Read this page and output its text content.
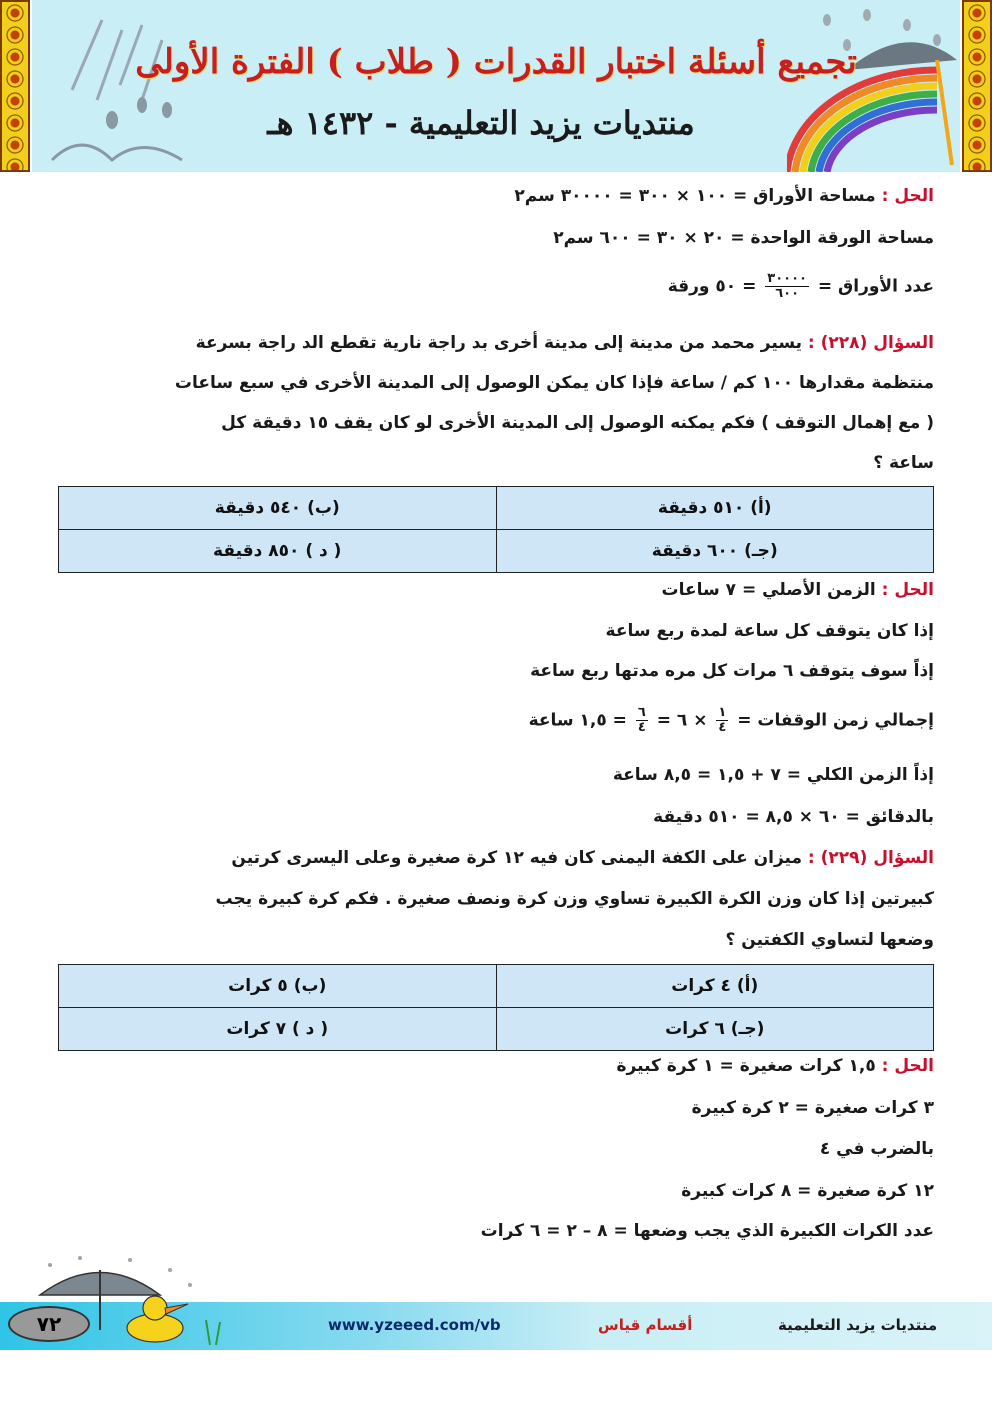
تجميع أسئلة اختبار القدرات ( طلاب ) الفترة الأولى
منتديات يزيد التعليمية - ١٤٣٢ هـ
الحل : مساحة الأوراق = ١٠٠ × ٣٠٠ = ٣٠٠٠٠ سم٢
مساحة الورقة الواحدة = ٢٠ × ٣٠ = ٦٠٠ سم٢
عدد الأوراق =
$\frac{٣٠٠٠٠}{٦٠٠}$
= ٥٠ ورقة
السؤال (٢٢٨) : يسير محمد من مدينة إلى مدينة أخرى بد راجة نارية تقطع الد راجة بسرعة
منتظمة مقدارها ١٠٠ كم / ساعة فإذا كان يمكن الوصول إلى المدينة الأخرى في سبع ساعات
( مع إهمال التوقف ) فكم يمكنه الوصول إلى المدينة الأخرى لو كان يقف ١٥ دقيقة كل
ساعة ؟
(أ) ٥١٠ دقيقة	(ب) ٥٤٠ دقيقة
(جـ) ٦٠٠ دقيقة	( د ) ٨٥٠ دقيقة
الحل : الزمن الأصلي = ٧ ساعات
إذا كان يتوقف كل ساعة لمدة ربع ساعة
إذاً سوف يتوقف ٦ مرات كل مره مدتها ربع ساعة
إجمالي زمن الوقفات =
$\frac{١}{٤}$
× ٦ =
$\frac{٦}{٤}$
= ١,٥ ساعة
إذاً الزمن الكلي = ٧ + ١,٥ = ٨,٥ ساعة
بالدقائق = ٦٠ × ٨,٥ = ٥١٠ دقيقة
السؤال (٢٢٩) : ميزان على الكفة اليمنى كان فيه ١٢ كرة صغيرة وعلى اليسرى كرتين
كبيرتين إذا كان وزن الكرة الكبيرة تساوي وزن كرة ونصف صغيرة . فكم كرة كبيرة يجب
وضعها لتساوي الكفتين ؟
(أ) ٤ كرات	(ب) ٥ كرات
(جـ) ٦ كرات	( د ) ٧ كرات
الحل : ١,٥ كرات صغيرة = ١ كرة كبيرة
٣ كرات صغيرة = ٢ كرة كبيرة
بالضرب في ٤
١٢ كرة صغيرة = ٨ كرات كبيرة
عدد الكرات الكبيرة الذي يجب وضعها = ٨ – ٢ = ٦ كرات
٧٢	www.yzeeed.com/vb	أقسام قياس	منتديات يزيد التعليمية
